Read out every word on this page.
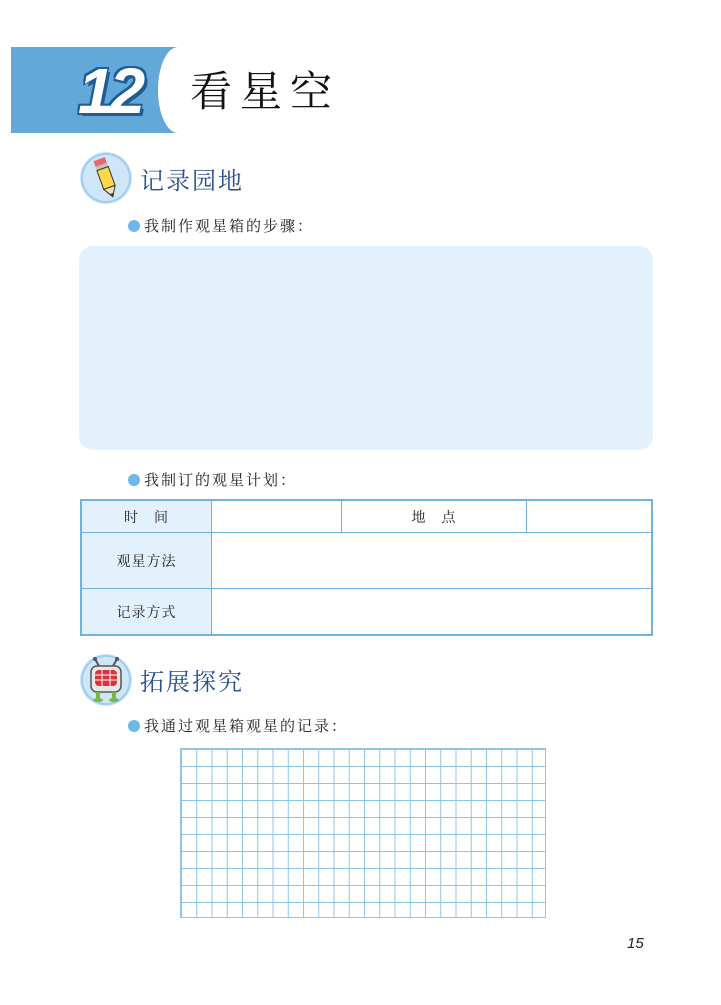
12	看星空
记录园地
我制作观星箱的步骤：
我制订的观星计划：
时　间	地　点
观星方法
记录方式
拓展探究
我通过观星箱观星的记录：
15
